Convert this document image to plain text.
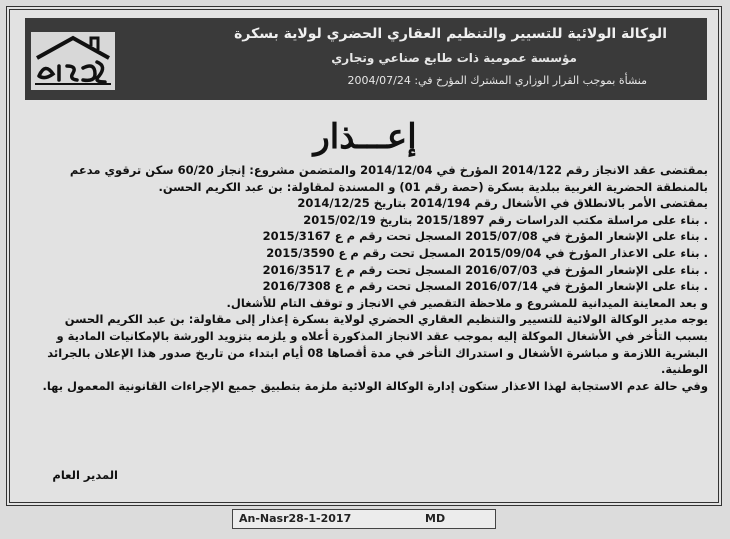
الوكالة الولائية للتسيير والتنظيم العقاري الحضري لولاية بسكرة
مؤسسة عمومية ذات طابع صناعي وتجاري
منشأة بموجب القرار الوزاري المشترك المؤرخ في: 2004/07/24
إعـــذار

بمقتضى عقد الانجاز رقم 2014/122 المؤرخ في 2014/12/04 والمتضمن مشروع: إنجاز 60/20 سكن ترقوي مدعم

بالمنطقة الحضرية الغربية ببلدية بسكرة (حصة رقم 01) و المسندة لمقاولة: بن عبد الكريم الحسن.

بمقتضى الأمر بالانطلاق في الأشغال رقم 2014/194 بتاريخ 2014/12/25

. بناء على مراسلة مكتب الدراسات رقم 2015/1897 بتاريخ 2015/02/19

. بناء على الإشعار المؤرخ في 2015/07/08 المسجل تحت رقم م ع 2015/3167

. بناء على الاعذار المؤرخ في 2015/09/04 المسجل تحت رقم م ع 2015/3590

. بناء على الإشعار المؤرخ في 2016/07/03 المسجل تحت رقم م ع 2016/3517

. بناء على الإشعار المؤرخ في 2016/07/14 المسجل تحت رقم م ع 2016/7308

و بعد المعاينة الميدانية للمشروع و ملاحظة التقصير في الانجاز و توقف التام للأشغال.

يوجه مدير الوكالة الولائية للتسيير والتنظيم العقاري الحضري لولاية بسكرة إعذار إلى مقاولة: بن عبد الكريم الحسن

بسبب التأخر في الأشغال الموكلة إليه بموجب عقد الانجاز المذكورة أعلاه و يلزمه بتزويد الورشة بالإمكانيات المادية و

البشرية اللازمة و مباشرة الأشغال و استدراك التأخر في مدة أقصاها 08 أيام ابتداء من تاريخ صدور هذا الإعلان بالجرائد

الوطنية.

وفي حالة عدم الاستجابة لهذا الاعذار ستكون إدارة الوكالة الولائية ملزمة بتطبيق جميع الإجراءات القانونية المعمول بها.

المدير العام
An-Nasr28-1-2017	MD
